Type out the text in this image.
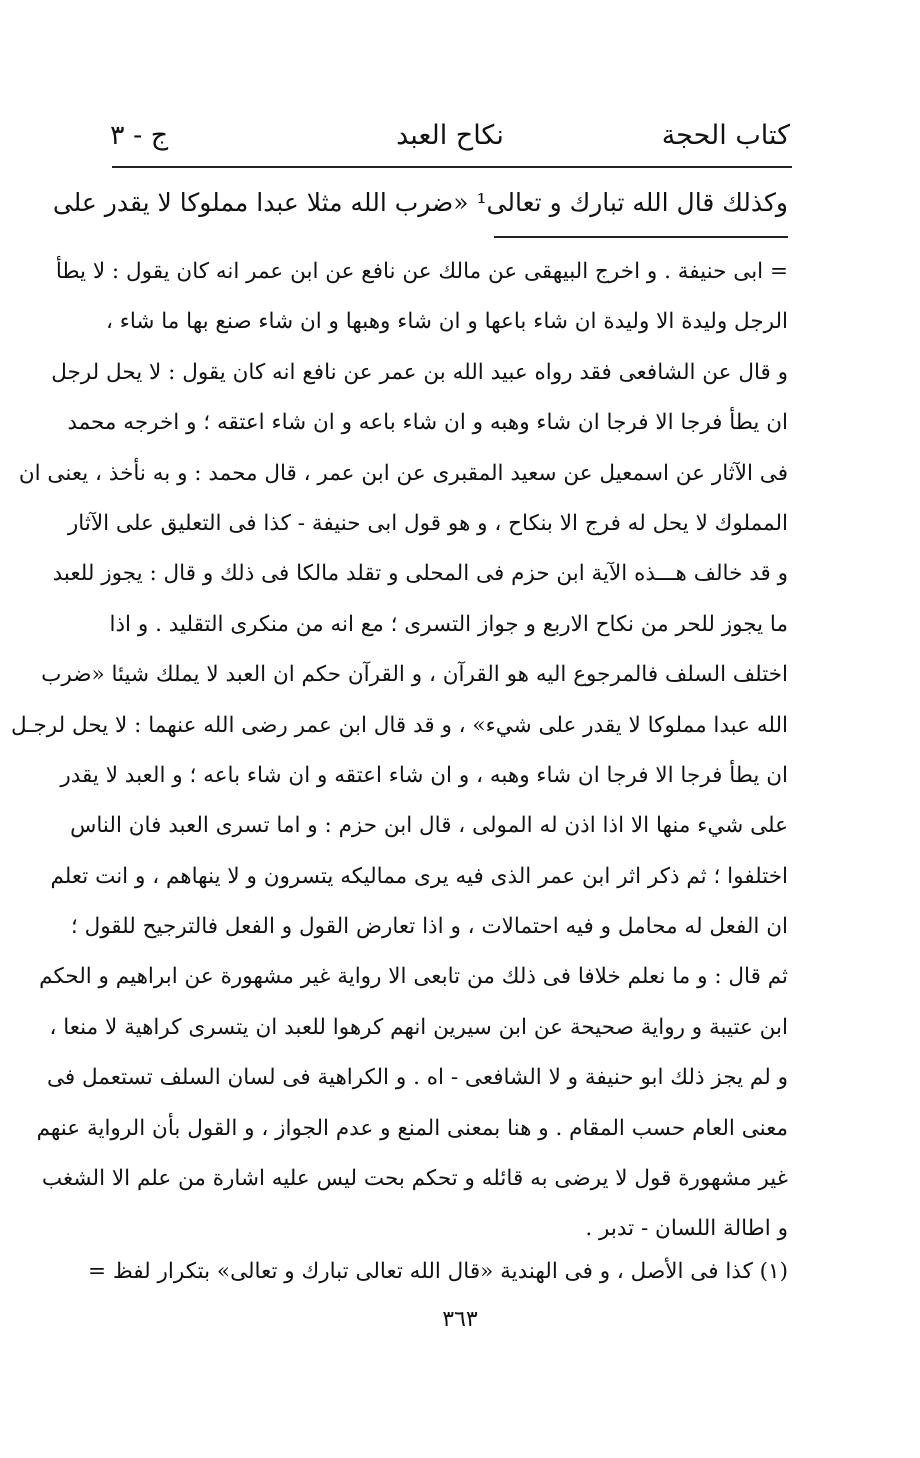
كتاب الحجة
نكاح العبد
ج - ٣
وكذلك قال الله تبارك و تعالى¹ «ضرب الله مثلا عبدا مملوكا لا يقدر على
= ابى حنيفة . و اخرج البيهقى عن مالك عن نافع عن ابن عمر انه كان يقول : لا يطأ
الرجل وليدة الا وليدة ان شاء باعها و ان شاء وهبها و ان شاء صنع بها ما شاء ،
و قال عن الشافعى فقد رواه عبيد الله بن عمر عن نافع انه كان يقول : لا يحل لرجل
ان يطأ فرجا الا فرجا ان شاء وهبه و ان شاء باعه و ان شاء اعتقه ؛ و اخرجه محمد
فى الآثار عن اسمعيل عن سعيد المقبرى عن ابن عمر ، قال محمد : و به نأخذ ، يعنى ان
المملوك لا يحل له فرج الا بنكاح ، و هو قول ابى حنيفة - كذا فى التعليق على الآثار
و قد خالف هـــذه الآية ابن حزم فى المحلى و تقلد مالكا فى ذلك و قال : يجوز للعبد
ما يجوز للحر من نكاح الاربع و جواز التسرى ؛ مع انه من منكرى التقليد . و اذا
اختلف السلف فالمرجوع اليه هو القرآن ، و القرآن حكم ان العبد لا يملك شيئا «ضرب
الله عبدا مملوكا لا يقدر على شيء» ، و قد قال ابن عمر رضى الله عنهما : لا يحل لرجـل
ان يطأ فرجا الا فرجا ان شاء وهبه ، و ان شاء اعتقه و ان شاء باعه ؛ و العبد لا يقدر
على شيء منها الا اذا اذن له المولى ، قال ابن حزم : و اما تسرى العبد فان الناس
اختلفوا ؛ ثم ذكر اثر ابن عمر الذى فيه يرى مماليكه يتسرون و لا ينهاهم ، و انت تعلم
ان الفعل له محامل و فيه احتمالات ، و اذا تعارض القول و الفعل فالترجيح للقول ؛
ثم قال : و ما نعلم خلافا فى ذلك من تابعى الا رواية غير مشهورة عن ابراهيم و الحكم
ابن عتيبة و رواية صحيحة عن ابن سيرين انهم كرهوا للعبد ان يتسرى كراهية لا منعا ،
و لم يجز ذلك ابو حنيفة و لا الشافعى - اه . و الكراهية فى لسان السلف تستعمل فى
معنى العام حسب المقام . و هنا بمعنى المنع و عدم الجواز ، و القول بأن الرواية عنهم
غير مشهورة قول لا يرضى به قائله و تحكم بحت ليس عليه اشارة من علم الا الشغب
و اطالة اللسان - تدبر .
(١) كذا فى الأصل ، و فى الهندية «قال الله تعالى تبارك و تعالى» بتكرار لفظ =
٣٦٣
